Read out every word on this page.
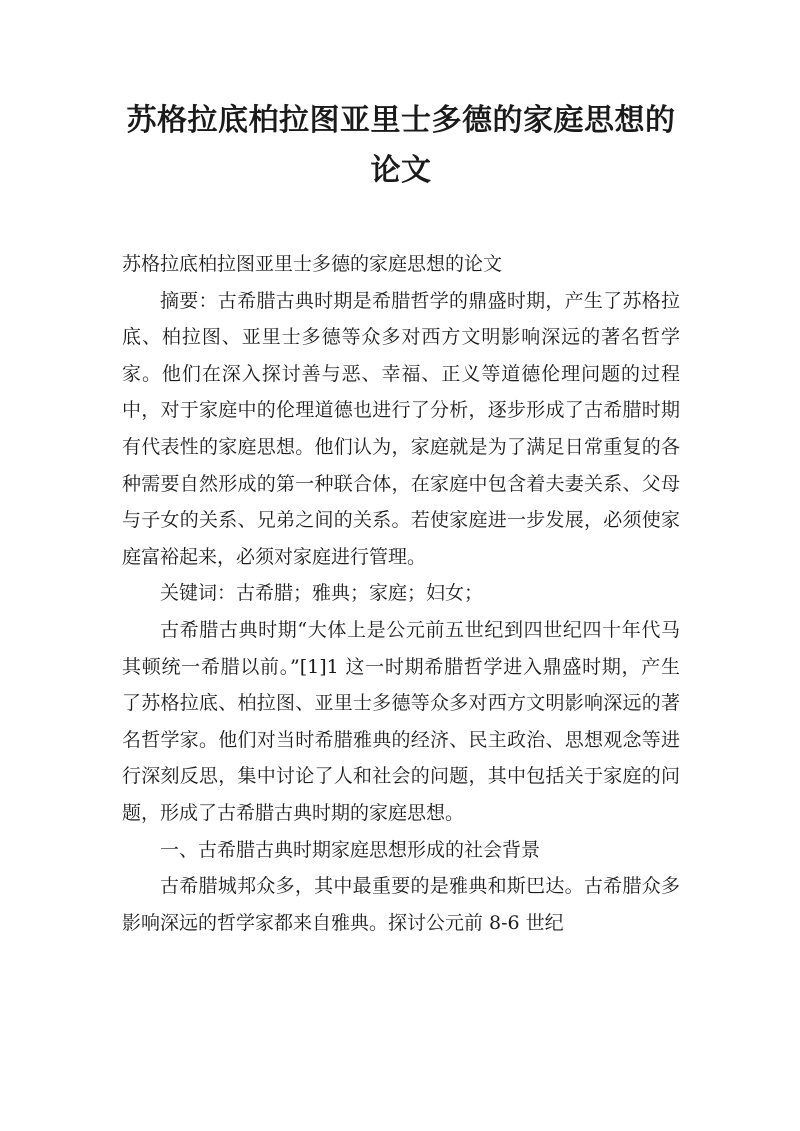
苏格拉底柏拉图亚里士多德的家庭思想的论文

苏格拉底柏拉图亚里士多德的家庭思想的论文

摘要：古希腊古典时期是希腊哲学的鼎盛时期，产生了苏格拉底、柏拉图、亚里士多德等众多对西方文明影响深远的著名哲学家。他们在深入探讨善与恶、幸福、正义等道德伦理问题的过程中，对于家庭中的伦理道德也进行了分析，逐步形成了古希腊时期有代表性的家庭思想。他们认为，家庭就是为了满足日常重复的各种需要自然形成的第一种联合体，在家庭中包含着夫妻关系、父母与子女的关系、兄弟之间的关系。若使家庭进一步发展，必须使家庭富裕起来，必须对家庭进行管理。

关键词：古希腊；雅典；家庭；妇女；

古希腊古典时期“大体上是公元前五世纪到四世纪四十年代马其顿统一希腊以前。”[1]1 这一时期希腊哲学进入鼎盛时期，产生了苏格拉底、柏拉图、亚里士多德等众多对西方文明影响深远的著名哲学家。他们对当时希腊雅典的经济、民主政治、思想观念等进行深刻反思，集中讨论了人和社会的问题，其中包括关于家庭的问题，形成了古希腊古典时期的家庭思想。

一、古希腊古典时期家庭思想形成的社会背景

古希腊城邦众多，其中最重要的是雅典和斯巴达。古希腊众多影响深远的哲学家都来自雅典。探讨公元前 8-6 世纪
